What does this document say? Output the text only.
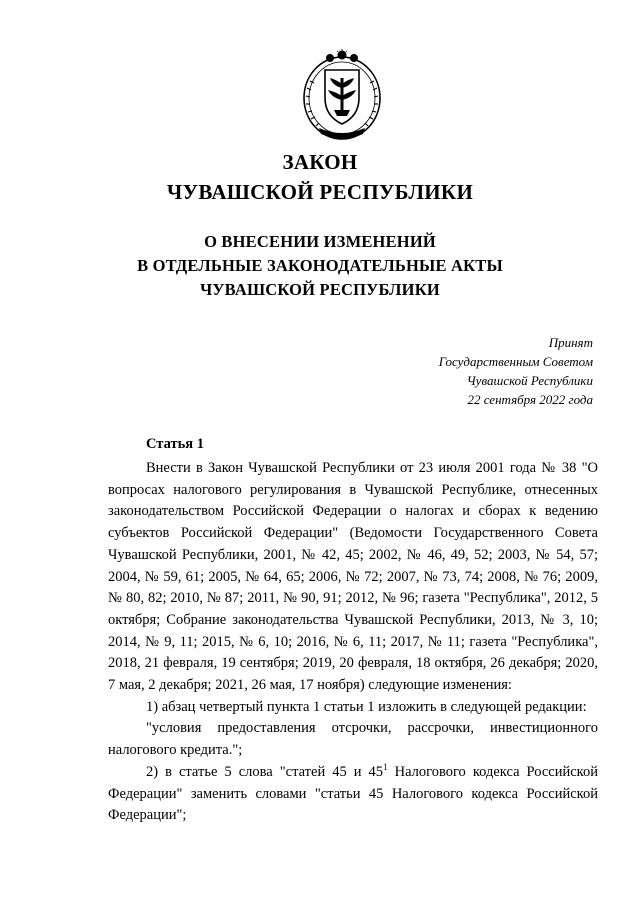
ЗАКОН
ЧУВАШСКОЙ РЕСПУБЛИКИ
О ВНЕСЕНИИ ИЗМЕНЕНИЙ
В ОТДЕЛЬНЫЕ ЗАКОНОДАТЕЛЬНЫЕ АКТЫ
ЧУВАШСКОЙ РЕСПУБЛИКИ
Принят
Государственным Советом
Чувашской Республики
22 сентября 2022 года
Статья 1

Внести в Закон Чувашской Республики от 23 июля 2001 года № 38 "О вопросах налогового регулирования в Чувашской Республике, отнесенных законодательством Российской Федерации о налогах и сборах к ведению субъектов Российской Федерации" (Ведомости Государственного Совета Чувашской Республики, 2001, № 42, 45; 2002, № 46, 49, 52; 2003, № 54, 57; 2004, № 59, 61; 2005, № 64, 65; 2006, № 72; 2007, № 73, 74; 2008, № 76; 2009, № 80, 82; 2010, № 87; 2011, № 90, 91; 2012, № 96; газета "Республика", 2012, 5 октября; Собрание законодательства Чувашской Республики, 2013, № 3, 10; 2014, № 9, 11; 2015, № 6, 10; 2016, № 6, 11; 2017, № 11; газета "Республика", 2018, 21 февраля, 19 сентября; 2019, 20 февраля, 18 октября, 26 декабря; 2020, 7 мая, 2 декабря; 2021, 26 мая, 17 ноября) следующие изменения:

1) абзац четвертый пункта 1 статьи 1 изложить в следующей редакции:

"условия предоставления отсрочки, рассрочки, инвестиционного налогового кредита.";

2) в статье 5 слова "статей 45 и $45^1$ Налогового кодекса Российской Федерации" заменить словами "статьи 45 Налогового кодекса Российской Федерации";
